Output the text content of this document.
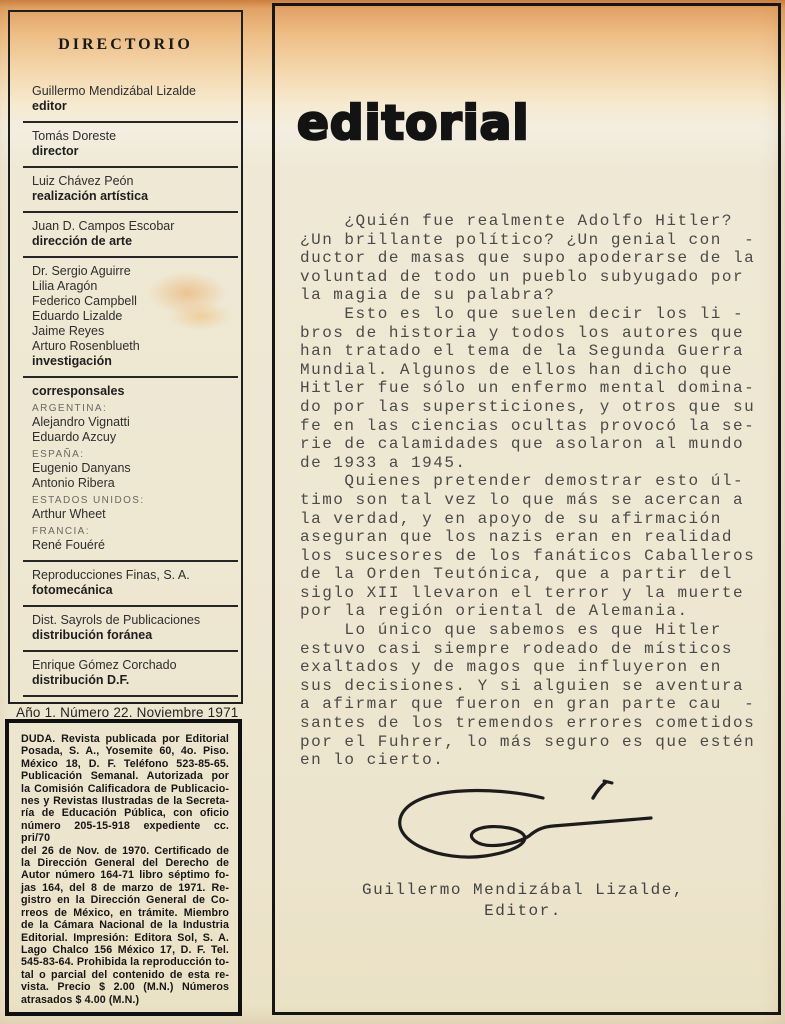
DIRECTORIO
Guillermo Mendizábal Lizalde
editor
Tomás Doreste
director
Luiz Chávez Peón
realización artística
Juan D. Campos Escobar
dirección de arte
Dr. Sergio Aguirre
Lilia Aragón
Federico Campbell
Eduardo Lizalde
Jaime Reyes
Arturo Rosenblueth
investigación
corresponsales
ARGENTINA:
Alejandro Vignatti
Eduardo Azcuy
ESPAÑA:
Eugenio Danyans
Antonio Ribera
ESTADOS UNIDOS:
Arthur Wheet
FRANCIA:
René Fouéré
Reproducciones Finas, S. A.
fotomecánica
Dist. Sayrols de Publicaciones
distribución foránea
Enrique Gómez Corchado
distribución D.F.
Año 1. Número 22. Noviembre 1971
DUDA. Revista publicada por Editorial
Posada, S. A., Yosemite 60, 4o. Piso.
México 18, D. F. Teléfono 523-85-65.
Publicación Semanal. Autorizada por
la Comisión Calificadora de Publicacio-
nes y Revistas Ilustradas de la Secreta-
ría de Educación Pública, con oficio
número 205-15-918 expediente cc. pri/70
del 26 de Nov. de 1970. Certificado de
la Dirección General del Derecho de
Autor número 164-71 libro séptimo fo-
jas 164, del 8 de marzo de 1971. Re-
gistro en la Dirección General de Co-
rreos de México, en trámite. Miembro
de la Cámara Nacional de la Industria
Editorial. Impresión: Editora Sol, S. A.
Lago Chalco 156 México 17, D. F. Tel.
545-83-64. Prohibida la reproducción to-
tal o parcial del contenido de esta re-
vista. Precio $ 2.00 (M.N.) Números
atrasados $ 4.00 (M.N.)
editorial
¿Quién fue realmente Adolfo Hitler?
¿Un brillante político? ¿Un genial con  -
ductor de masas que supo apoderarse de la
voluntad de todo un pueblo subyugado por
la magia de su palabra?
Esto es lo que suelen decir los li -
bros de historia y todos los autores que
han tratado el tema de la Segunda Guerra
Mundial. Algunos de ellos han dicho que
Hitler fue sólo un enfermo mental domina-
do por las supersticiones, y otros que su
fe en las ciencias ocultas provocó la se-
rie de calamidades que asolaron al mundo
de 1933 a 1945.
Quienes pretender demostrar esto úl-
timo son tal vez lo que más se acercan a
la verdad, y en apoyo de su afirmación
aseguran que los nazis eran en realidad
los sucesores de los fanáticos Caballeros
de la Orden Teutónica, que a partir del
siglo XII llevaron el terror y la muerte
por la región oriental de Alemania.
Lo único que sabemos es que Hitler
estuvo casi siempre rodeado de místicos
exaltados y de magos que influyeron en
sus decisiones. Y si alguien se aventura
a afirmar que fueron en gran parte cau  -
santes de los tremendos errores cometidos
por el Fuhrer, lo más seguro es que estén
en lo cierto.
Guillermo Mendizábal Lizalde,
Editor.
